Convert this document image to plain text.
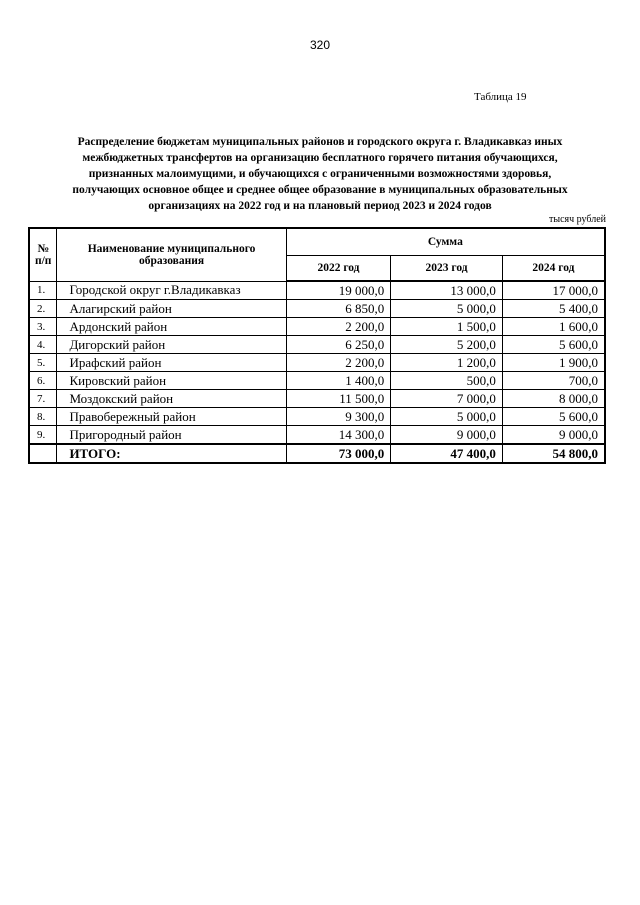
320
Таблица 19
Распределение бюджетам муниципальных районов и городского округа г. Владикавказ иных
межбюджетных трансфертов на организацию бесплатного горячего питания обучающихся,
признанных малоимущими, и обучающихся с ограниченными возможностями здоровья,
получающих основное общее и среднее общее образование в муниципальных образовательных
организациях на 2022 год и на плановый период 2023 и 2024 годов
тысяч рублей
№ п/п	Наименование муниципального образования	Сумма		
		2022 год	2023 год	2024 год
1.	Городской округ г.Владикавказ	19 000,0	13 000,0	17 000,0
2.	Алагирский район	6 850,0	5 000,0	5 400,0
3.	Ардонский район	2 200,0	1 500,0	1 600,0
4.	Дигорский район	6 250,0	5 200,0	5 600,0
5.	Ирафский район	2 200,0	1 200,0	1 900,0
6.	Кировский район	1 400,0	500,0	700,0
7.	Моздокский район	11 500,0	7 000,0	8 000,0
8.	Правобережный район	9 300,0	5 000,0	5 600,0
9.	Пригородный район	14 300,0	9 000,0	9 000,0
	ИТОГО:	73 000,0	47 400,0	54 800,0
